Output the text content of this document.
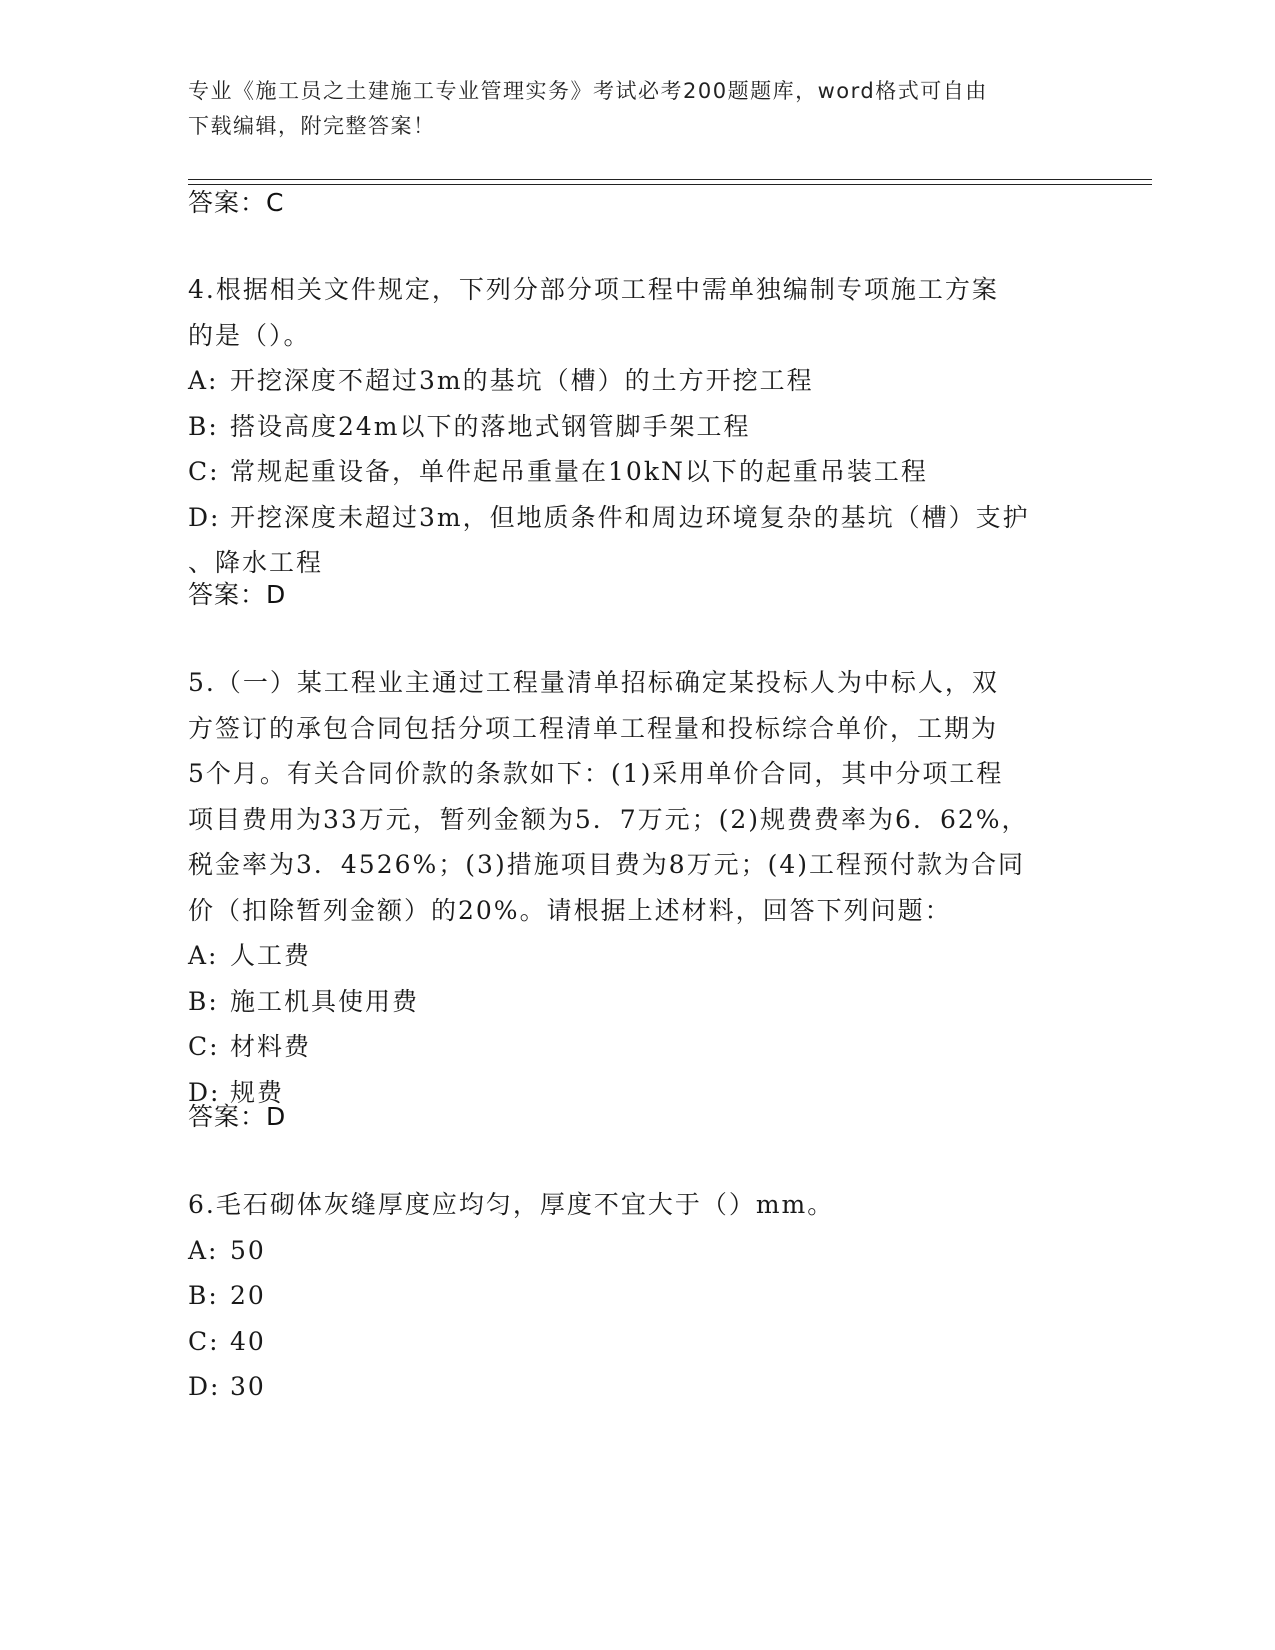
专业《施工员之土建施工专业管理实务》考试必考200题题库，word格式可自由
下载编辑，附完整答案！
答案：C

4.根据相关文件规定，下列分部分项工程中需单独编制专项施工方案

的是（）。

A: 开挖深度不超过3m的基坑（槽）的土方开挖工程

B: 搭设高度24m以下的落地式钢管脚手架工程

C: 常规起重设备，单件起吊重量在10kN以下的起重吊装工程

D: 开挖深度未超过3m，但地质条件和周边环境复杂的基坑（槽）支护

、降水工程

答案：D

5.（一）某工程业主通过工程量清单招标确定某投标人为中标人，双

方签订的承包合同包括分项工程清单工程量和投标综合单价，工期为

5个月。有关合同价款的条款如下：(1)采用单价合同，其中分项工程

项目费用为33万元，暂列金额为5．7万元；(2)规费费率为6．62%，

税金率为3．4526%；(3)措施项目费为8万元；(4)工程预付款为合同

价（扣除暂列金额）的20%。请根据上述材料，回答下列问题：

A: 人工费

B: 施工机具使用费

C: 材料费

D: 规费

答案：D

6.毛石砌体灰缝厚度应均匀，厚度不宜大于（）mm。

A: 50

B: 20

C: 40

D: 30
